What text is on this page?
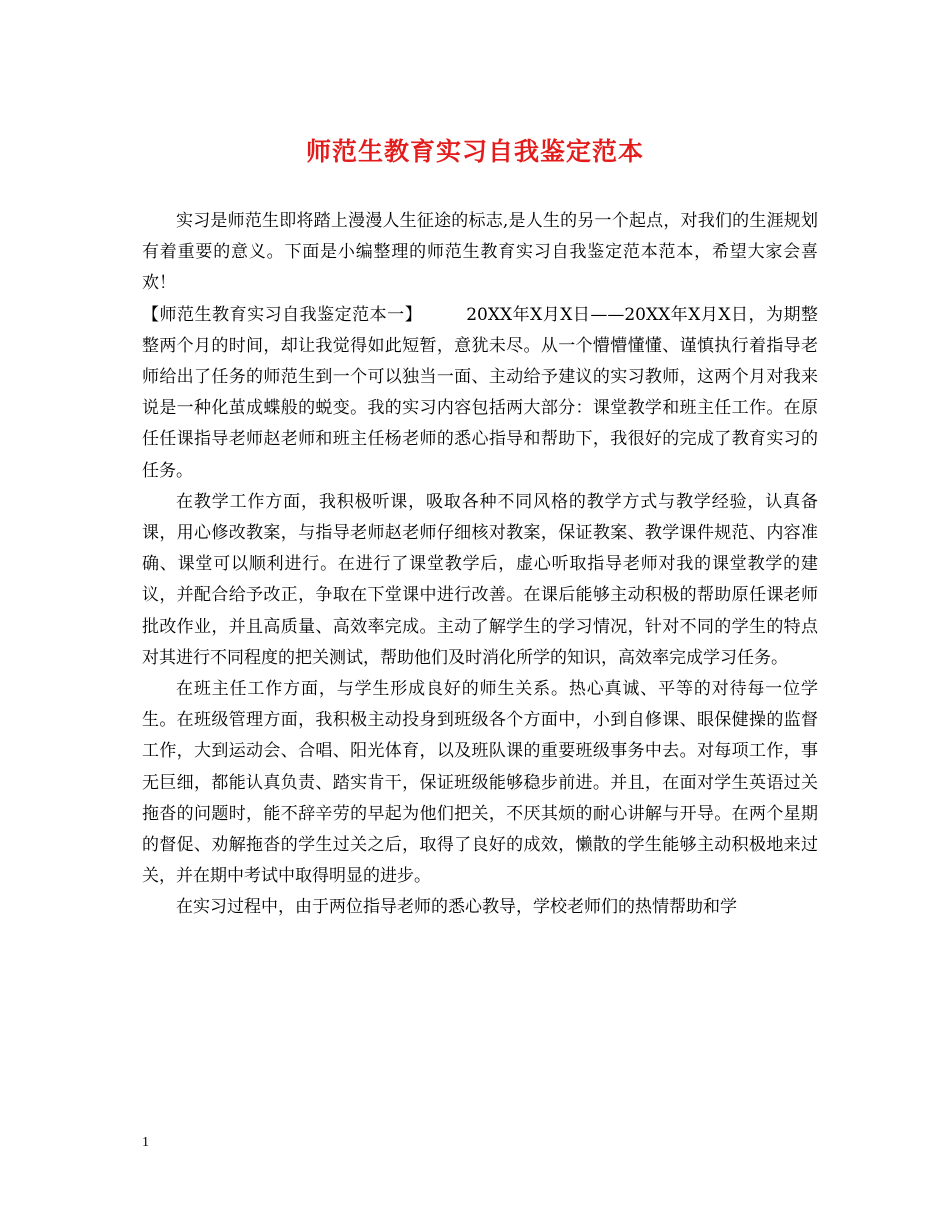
师范生教育实习自我鉴定范本

实习是师范生即将踏上漫漫人生征途的标志,是人生的另一个起点，对我们的生涯规划有着重要的意义。下面是小编整理的师范生教育实习自我鉴定范本范本，希望大家会喜欢！

【师范生教育实习自我鉴定范本一】	20XX年X月X日——20XX年X月X日，为期整整两个月的时间，却让我觉得如此短暂，意犹未尽。从一个懵懵懂懂、谨慎执行着指导老师给出了任务的师范生到一个可以独当一面、主动给予建议的实习教师，这两个月对我来说是一种化茧成蝶般的蜕变。我的实习内容包括两大部分：课堂教学和班主任工作。在原任任课指导老师赵老师和班主任杨老师的悉心指导和帮助下，我很好的完成了教育实习的任务。

在教学工作方面，我积极听课，吸取各种不同风格的教学方式与教学经验，认真备课，用心修改教案，与指导老师赵老师仔细核对教案，保证教案、教学课件规范、内容准确、课堂可以顺利进行。在进行了课堂教学后，虚心听取指导老师对我的课堂教学的建议，并配合给予改正，争取在下堂课中进行改善。在课后能够主动积极的帮助原任课老师批改作业，并且高质量、高效率完成。主动了解学生的学习情况，针对不同的学生的特点对其进行不同程度的把关测试，帮助他们及时消化所学的知识，高效率完成学习任务。

在班主任工作方面，与学生形成良好的师生关系。热心真诚、平等的对待每一位学生。在班级管理方面，我积极主动投身到班级各个方面中，小到自修课、眼保健操的监督工作，大到运动会、合唱、阳光体育，以及班队课的重要班级事务中去。对每项工作，事无巨细，都能认真负责、踏实肯干，保证班级能够稳步前进。并且，在面对学生英语过关拖沓的问题时，能不辞辛劳的早起为他们把关，不厌其烦的耐心讲解与开导。在两个星期的督促、劝解拖沓的学生过关之后，取得了良好的成效，懒散的学生能够主动积极地来过关，并在期中考试中取得明显的进步。

在实习过程中，由于两位指导老师的悉心教导，学校老师们的热情帮助和学

1
